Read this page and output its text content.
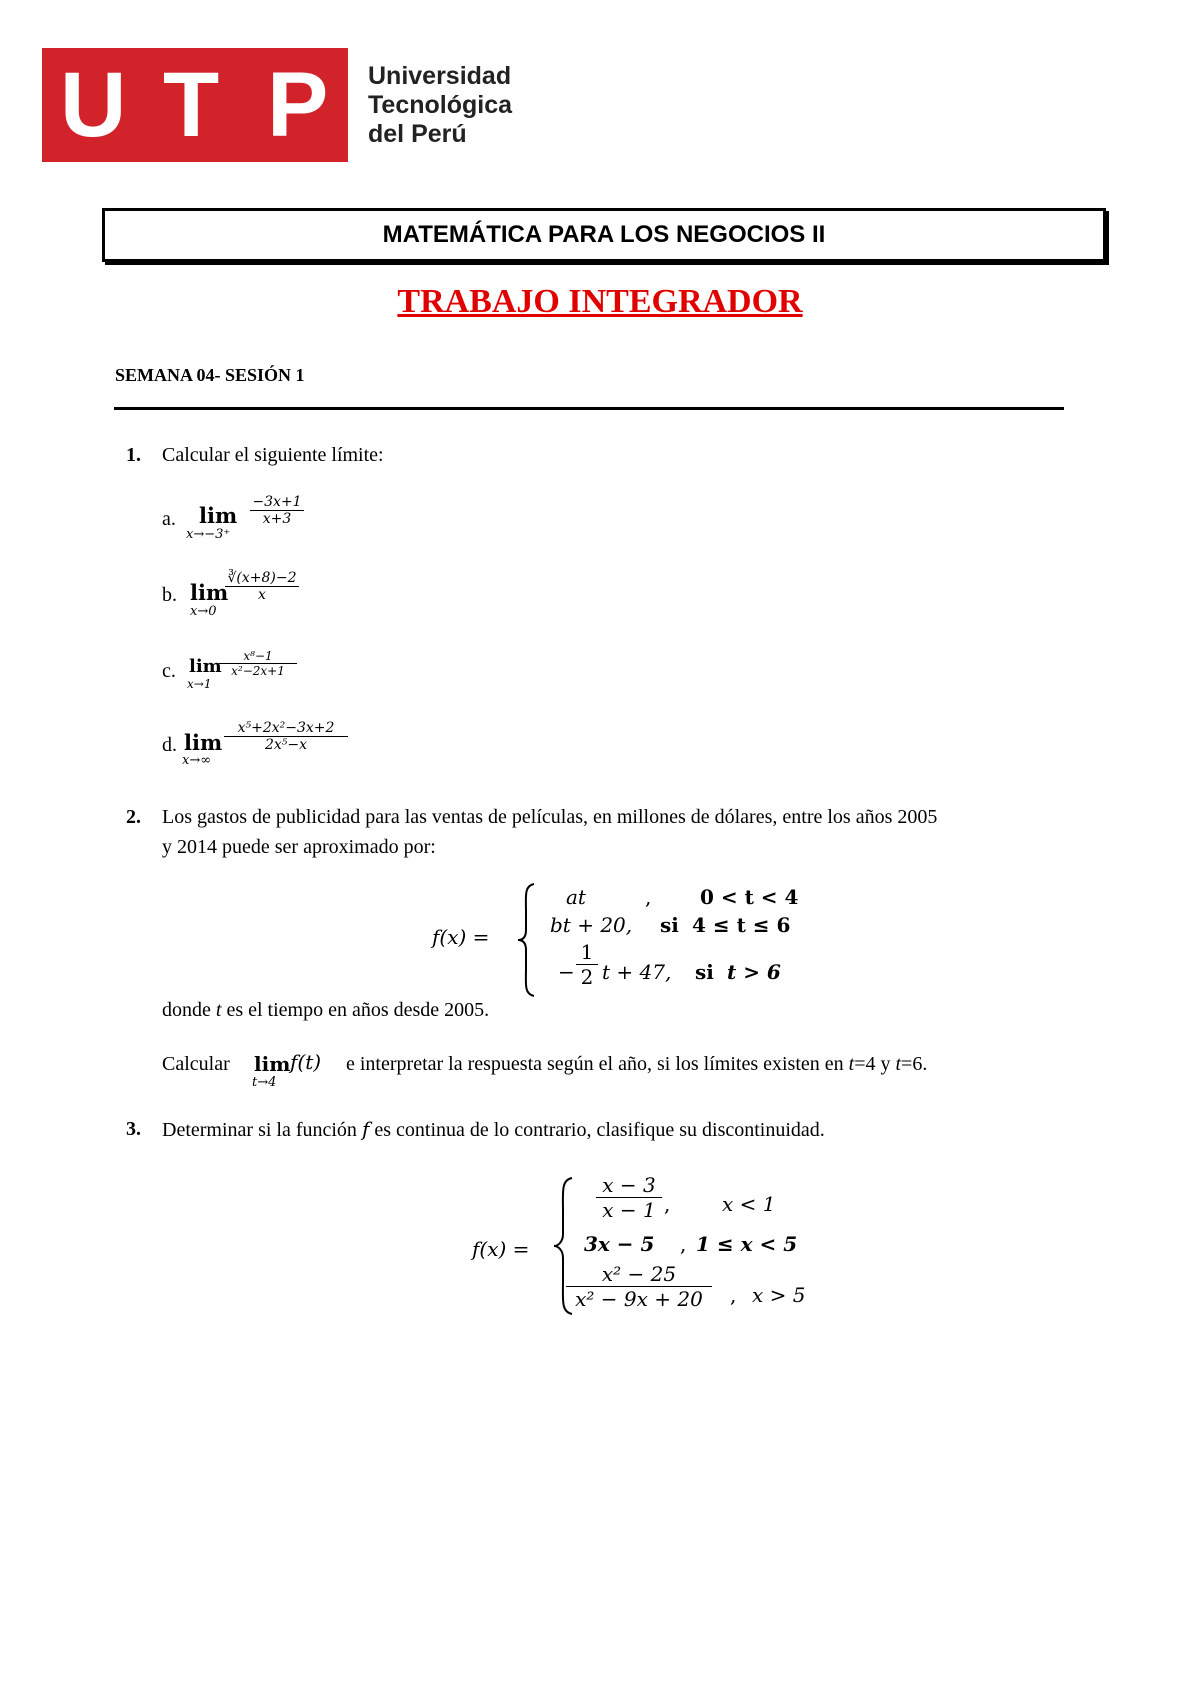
U T P Universidad
Tecnológica
del Perú
MATEMÁTICA PARA LOS NEGOCIOS II
TRABAJO INTEGRADOR
SEMANA 04- SESIÓN 1
1. Calcular el siguiente límite:
a. lim
x→−3⁺
$\frac{-3x+1}{x+3}$
b. lim
x→0
$\frac{∛(x+8)-2}{x}$
c. lim
x→1
$\frac{\text{x⁸−1}}{\text{x²−2x+1}}$
d. lim
x→∞
$\frac{\text{x⁵+2x²−3x+2}}{\text{2x⁵−x}}$
2. Los gastos de publicidad para las ventas de películas, en millones de dólares, entre los años 2005
y 2014 puede ser aproximado por:
f(x) =
at	, 0 < t < 4
bt + 20, si 4 ≤ t ≤ 6
− $\frac{1}{2}$ t + 47, si t > 6
donde t es el tiempo en años desde 2005.
Calcular lim
t→4
f(t) e interpretar la respuesta según el año, si los límites existen en t=4 y t=6.
3. Determinar si la función f es continua de lo contrario, clasifique su discontinuidad.
f(x) =
$\frac{x - 3}{x - 1}$ ,	x < 1
3x − 5 , 1 ≤ x < 5
$\frac{\text{x² − 25}}{\text{x² − 9x + 20}}$ , x > 5
